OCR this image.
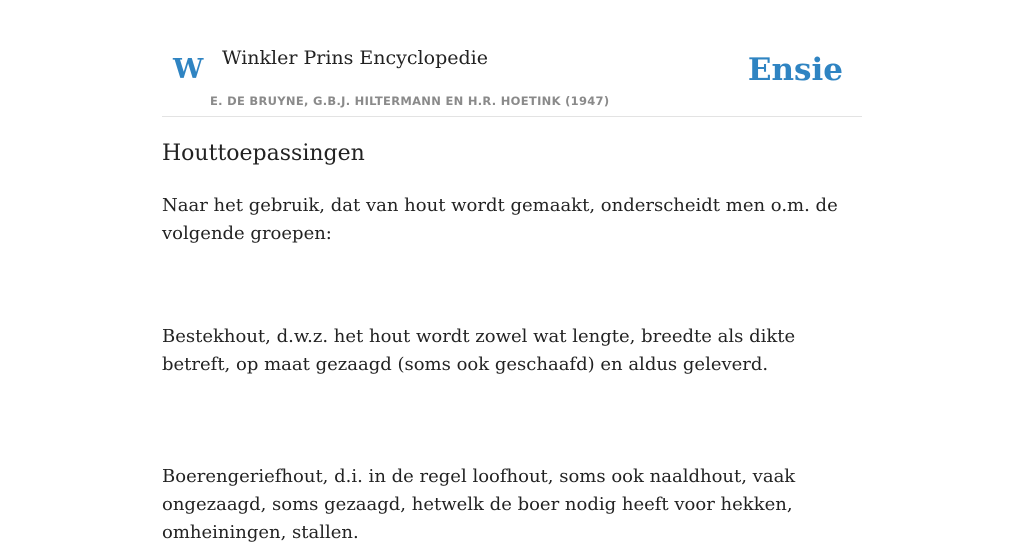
W Winkler Prins Encyclopedie
E. DE BRUYNE, G.B.J. HILTERMANN EN H.R. HOETINK (1947)
Ensie
Houttoepassingen

Naar het gebruik, dat van hout wordt gemaakt, onderscheidt men o.m. de volgende groepen:

Bestekhout, d.w.z. het hout wordt zowel wat lengte, breedte als dikte betreft, op maat gezaagd (soms ook geschaafd) en aldus geleverd.

Boerengeriefhout, d.i. in de regel loofhout, soms ook naaldhout, vaak ongezaagd, soms gezaagd, hetwelk de boer nodig heeft voor hekken, omheiningen, stallen.
